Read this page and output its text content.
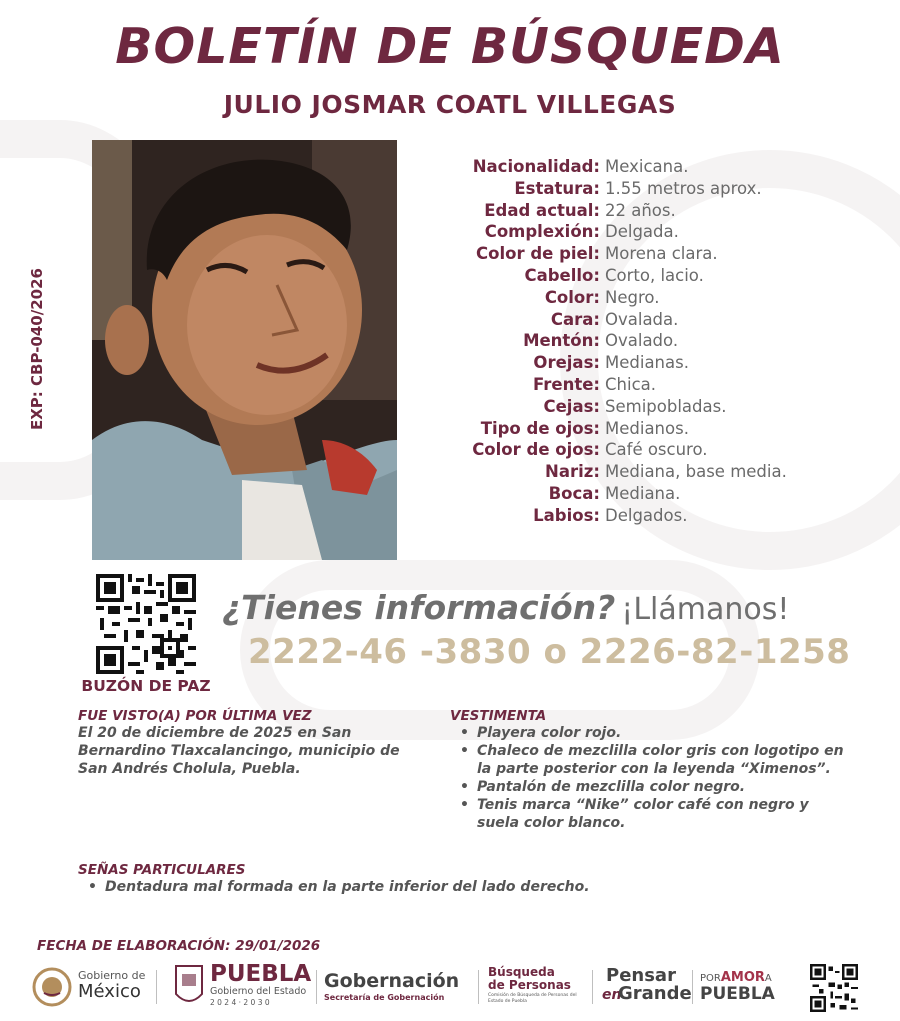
BOLETÍN DE BÚSQUEDA
JULIO JOSMAR COATL VILLEGAS
EXP: CBP-040/2026
Nacionalidad: Mexicana.
Estatura: 1.55 metros aprox.
Edad actual: 22 años.
Complexión: Delgada.
Color de piel: Morena clara.
Cabello: Corto, lacio.
Color: Negro.
Cara: Ovalada.
Mentón: Ovalado.
Orejas: Medianas.
Frente: Chica.
Cejas: Semipobladas.
Tipo de ojos: Medianos.
Color de ojos: Café oscuro.
Nariz: Mediana, base media.
Boca: Mediana.
Labios: Delgados.
BUZÓN DE PAZ
¿Tienes información? ¡Llámanos!
2222-46 -3830 o 2226-82-1258
FUE VISTO(A) POR ÚLTIMA VEZ
El 20 de diciembre de 2025 en San Bernardino Tlaxcalancingo, municipio de San Andrés Cholula, Puebla.
VESTIMENTA
• Playera color rojo.
• Chaleco de mezclilla color gris con logotipo en la parte posterior con la leyenda “Ximenos”.
• Pantalón de mezclilla color negro.
• Tenis marca “Nike” color café con negro y suela color blanco.
SEÑAS PARTICULARES
• Dentadura mal formada en la parte inferior del lado derecho.
FECHA DE ELABORACIÓN: 29/01/2026
Gobierno de
México
PUEBLA
Gobierno del Estado
2 0 2 4 · 2 0 3 0
Gobernación
Secretaría de Gobernación
Búsqueda
de Personas
Comisión de Búsqueda de Personas del Estado de Puebla
Pensar
en
Grande
PORAMORA
PUEBLA
